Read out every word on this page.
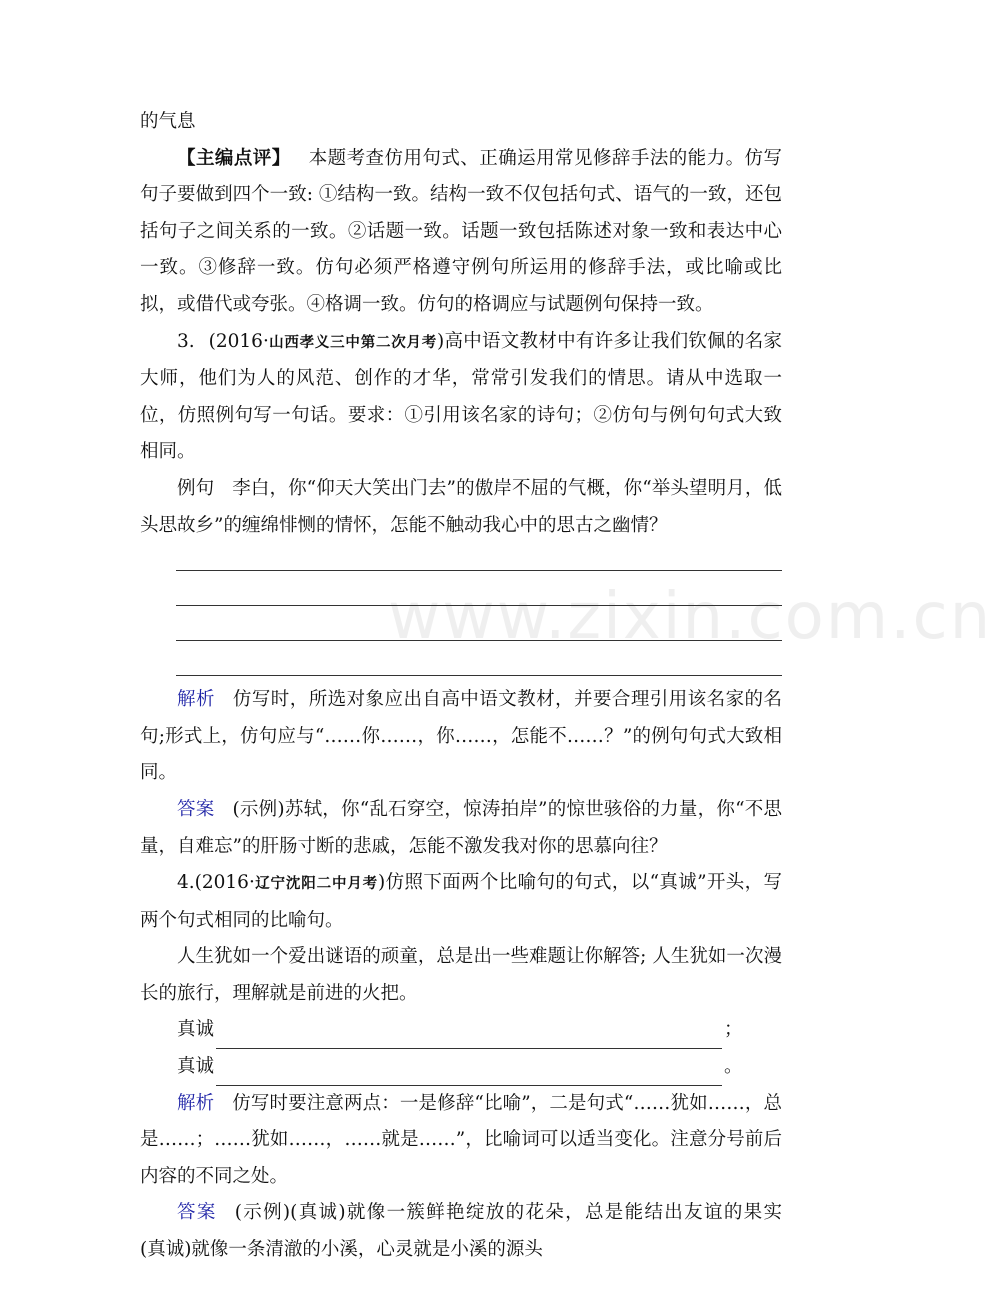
www.zixin.com.cn

的气息

【主编点评】 本题考查仿用句式、正确运用常见修辞手法的能力。仿写句子要做到四个一致: ①结构一致。结构一致不仅包括句式、语气的一致，还包括句子之间关系的一致。②话题一致。话题一致包括陈述对象一致和表达中心一致。③修辞一致。仿句必须严格遵守例句所运用的修辞手法，或比喻或比拟，或借代或夸张。④格调一致。仿句的格调应与试题例句保持一致。

3. (2016·山西孝义三中第二次月考)高中语文教材中有许多让我们钦佩的名家大师，他们为人的风范、创作的才华，常常引发我们的情思。请从中选取一位，仿照例句写一句话。要求：①引用该名家的诗句；②仿句与例句句式大致相同。

例句 李白，你“仰天大笑出门去”的傲岸不屈的气概，你“举头望明月，低头思故乡”的缠绵悱恻的情怀，怎能不触动我心中的思古之幽情？

解析 仿写时，所选对象应出自高中语文教材，并要合理引用该名家的名句;形式上，仿句应与“……你……，你……，怎能不……？”的例句句式大致相同。

答案 (示例)苏轼，你“乱石穿空，惊涛拍岸”的惊世骇俗的力量，你“不思量，自难忘”的肝肠寸断的悲戚，怎能不激发我对你的思慕向往？

4.(2016·辽宁沈阳二中月考)仿照下面两个比喻句的句式，以“真诚”开头，写两个句式相同的比喻句。

人生犹如一个爱出谜语的顽童，总是出一些难题让你解答; 人生犹如一次漫长的旅行，理解就是前进的火把。

真诚	；
真诚	。

解析 仿写时要注意两点：一是修辞“比喻”，二是句式“……犹如……，总是……；……犹如……，……就是……”，比喻词可以适当变化。注意分号前后内容的不同之处。

答案 (示例)(真诚)就像一簇鲜艳绽放的花朵，总是能结出友谊的果实　(真诚)就像一条清澈的小溪，心灵就是小溪的源头
